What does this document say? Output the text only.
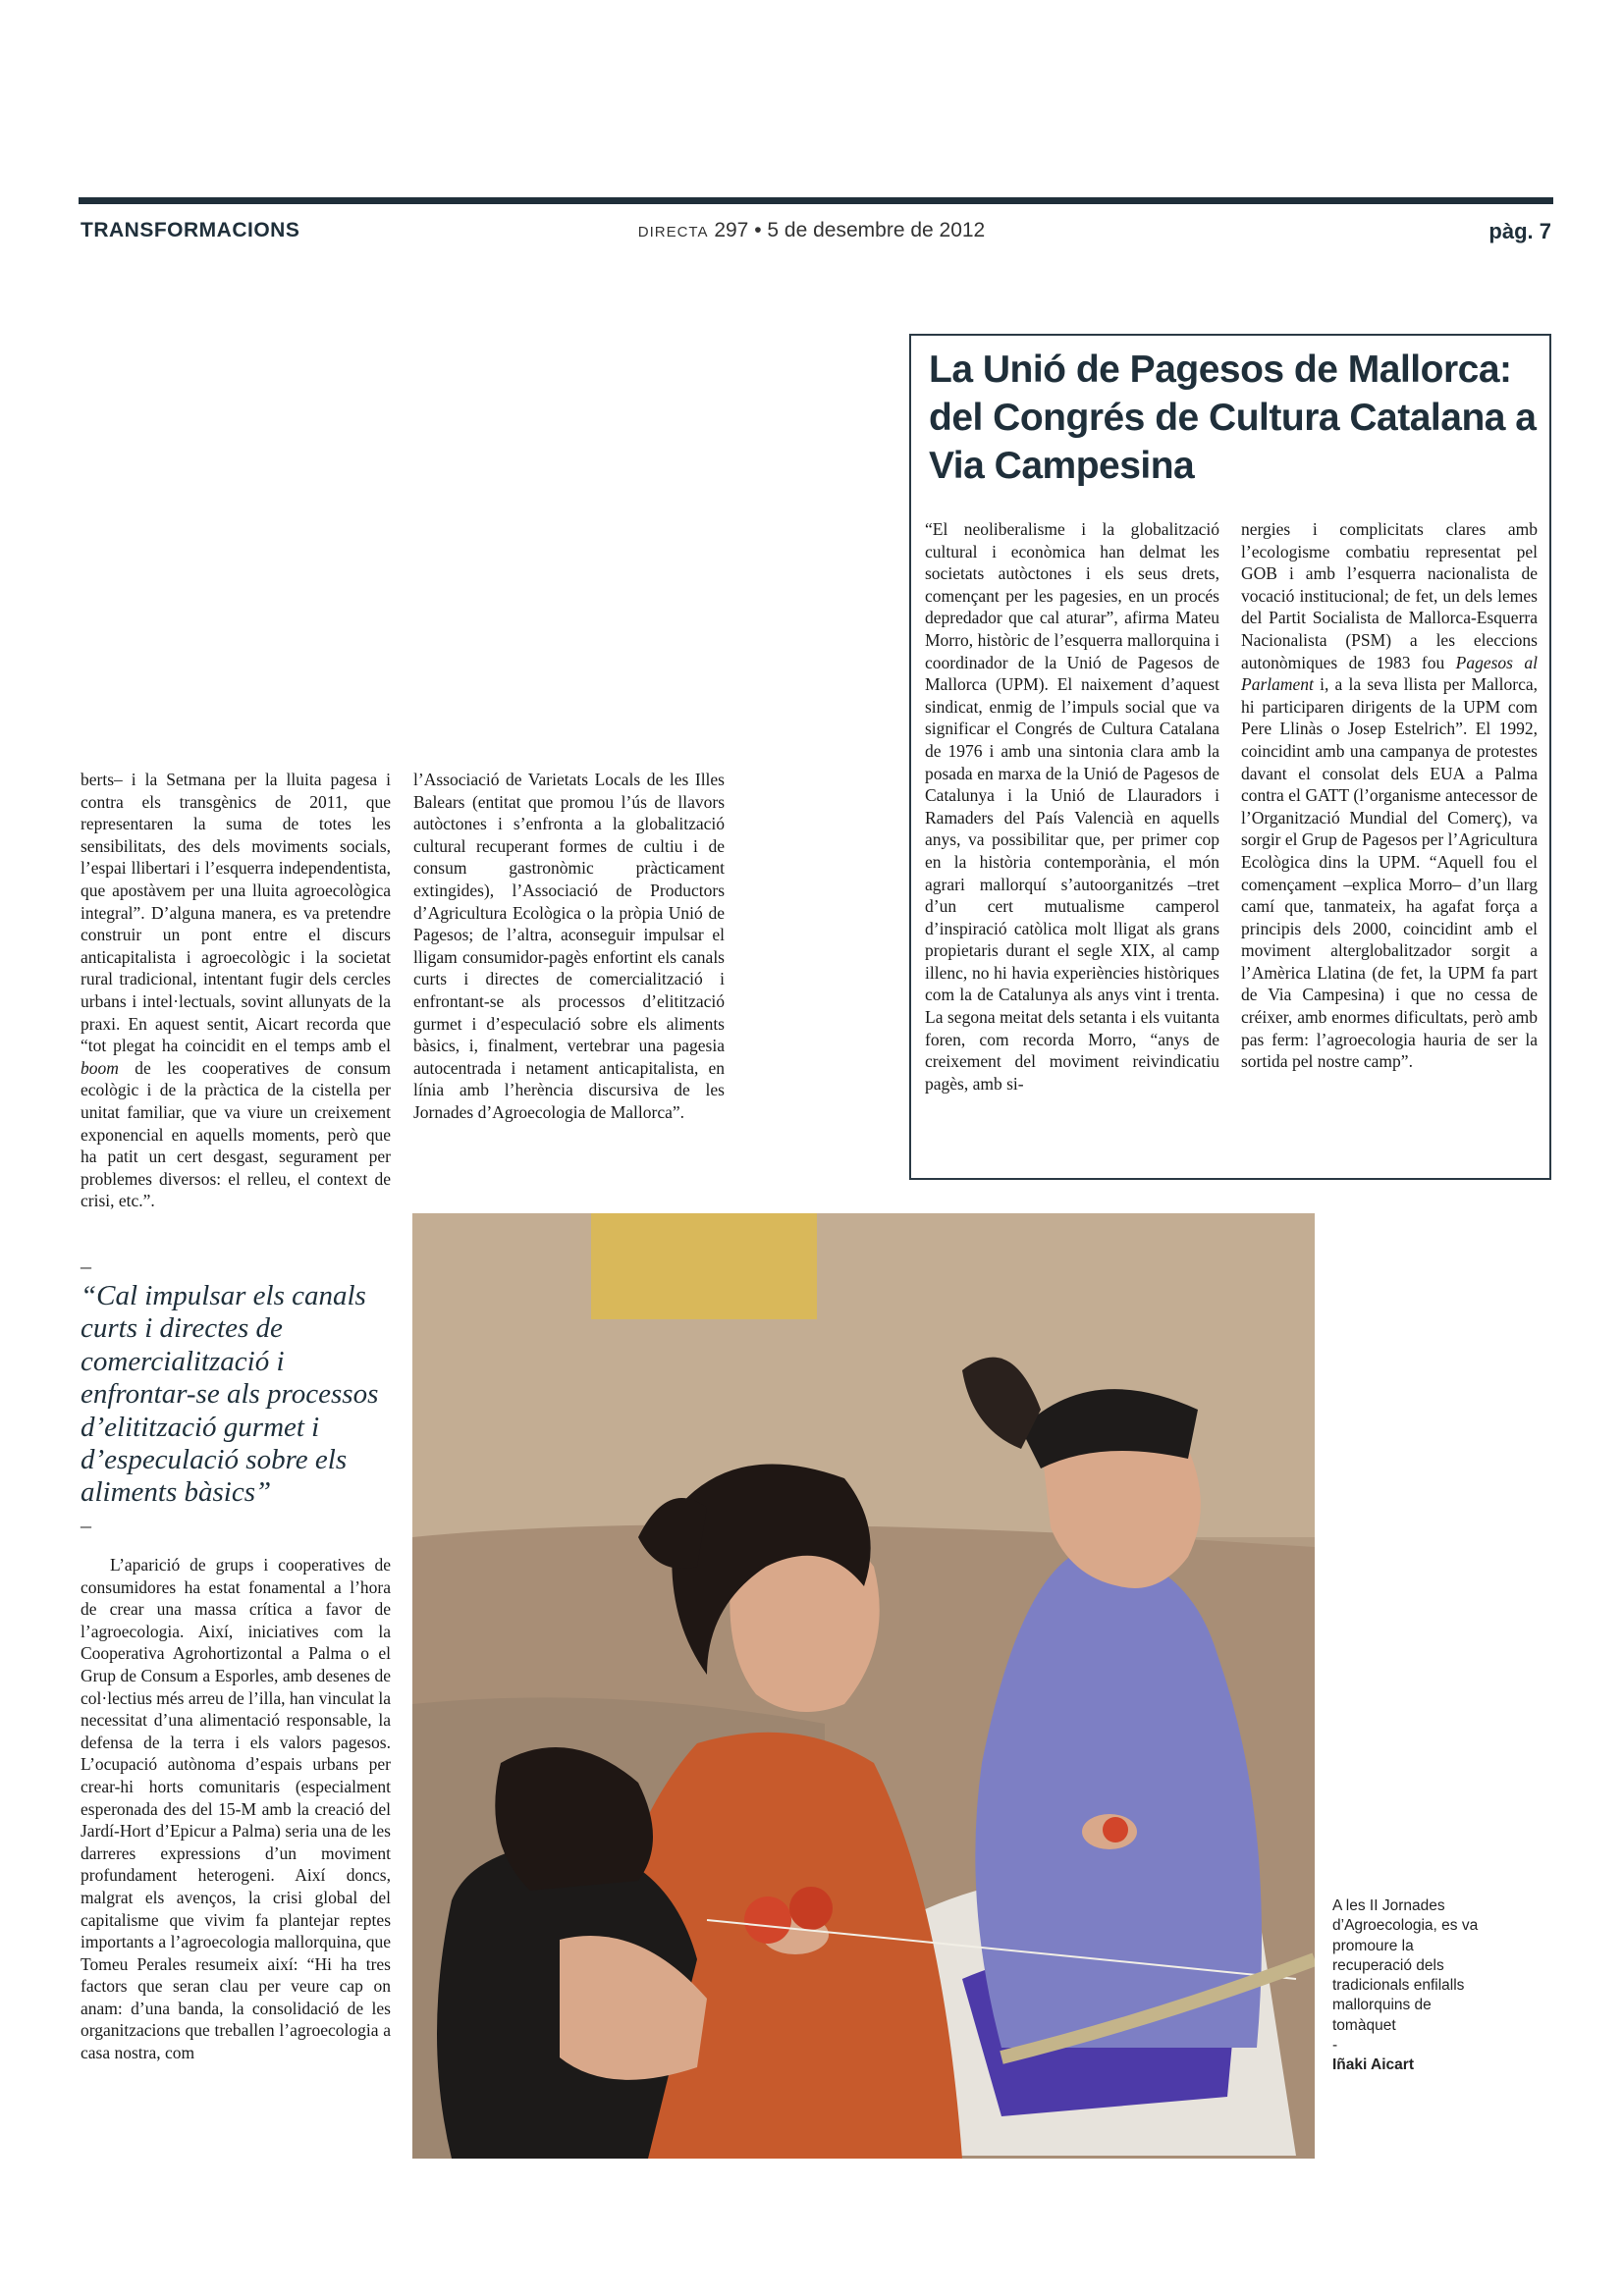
TRANSFORMACIONS	DIRECTA 297 • 5 de desembre de 2012	pàg. 7
La Unió de Pagesos de Mallorca: del Congrés de Cultura Catalana a Via Campesina
“El neoliberalisme i la globalització cultural i econòmica han delmat les societats autòctones i els seus drets, començant per les pagesies, en un procés depredador que cal aturar”, afirma Mateu Morro, històric de l’esquerra mallorquina i coordinador de la Unió de Pagesos de Mallorca (UPM). El naixement d’aquest sindicat, enmig de l’impuls social que va significar el Congrés de Cultura Catalana de 1976 i amb una sintonia clara amb la posada en marxa de la Unió de Pagesos de Catalunya i la Unió de Llauradors i Ramaders del País Valencià en aquells anys, va possibilitar que, per primer cop en la història contemporània, el món agrari mallorquí s’autoorganitzés –tret d’un cert mutualisme camperol d’inspiració catòlica molt lligat als grans propietaris durant el segle XIX, al camp illenc, no hi havia experiències històriques com la de Catalunya als anys vint i trenta. La segona meitat dels setanta i els vuitanta foren, com recorda Morro, “anys de creixement del moviment reivindicatiu pagès, amb si-
nergies i complicitats clares amb l’ecologisme combatiu representat pel GOB i amb l’esquerra nacionalista de vocació institucional; de fet, un dels lemes del Partit Socialista de Mallorca-Esquerra Nacionalista (PSM) a les eleccions autonòmiques de 1983 fou Pagesos al Parlament i, a la seva llista per Mallorca, hi participaren dirigents de la UPM com Pere Llinàs o Josep Estelrich”. El 1992, coincidint amb una campanya de protestes davant el consolat dels EUA a Palma contra el GATT (l’organisme antecessor de l’Organització Mundial del Comerç), va sorgir el Grup de Pagesos per l’Agricultura Ecològica dins la UPM. “Aquell fou el començament –explica Morro– d’un llarg camí que, tanmateix, ha agafat força a principis dels 2000, coincidint amb el moviment alterglobalitzador sorgit a l’Amèrica Llatina (de fet, la UPM fa part de Via Campesina) i que no cessa de créixer, amb enormes dificultats, però amb pas ferm: l’agroecologia hauria de ser la sortida pel nostre camp”.
berts– i la Setmana per la lluita pagesa i contra els transgènics de 2011, que representaren la suma de totes les sensibilitats, des dels moviments socials, l’espai llibertari i l’esquerra independentista, que apostàvem per una lluita agroecològica integral”. D’alguna manera, es va pretendre construir un pont entre el discurs anticapitalista i agroecològic i la societat rural tradicional, intentant fugir dels cercles urbans i intel·lectuals, sovint allunyats de la praxi. En aquest sentit, Aicart recorda que “tot plegat ha coincidit en el temps amb el boom de les cooperatives de consum ecològic i de la pràctica de la cistella per unitat familiar, que va viure un creixement exponencial en aquells moments, però que ha patit un cert desgast, segurament per problemes diversos: el relleu, el context de crisi, etc.”.
l’Associació de Varietats Locals de les Illes Balears (entitat que promou l’ús de llavors autòctones i s’enfronta a la globalització cultural recuperant formes de cultiu i de consum gastronòmic pràcticament extingides), l’Associació de Productors d’Agricultura Ecològica o la pròpia Unió de Pagesos; de l’altra, aconseguir impulsar el lligam consumidor-pagès enfortint els canals curts i directes de comercialització i enfrontant-se als processos d’elitització gurmet i d’especulació sobre els aliments bàsics, i, finalment, vertebrar una pagesia autocentrada i netament anticapitalista, en línia amb l’herència discursiva de les Jornades d’Agroecologia de Mallorca”.
–
“Cal impulsar els canals curts i directes de comercialització i enfrontar-se als processos d’elitització gurmet i d’especulació sobre els aliments bàsics”
–

L’aparició de grups i cooperatives de consumidores ha estat fonamental a l’hora de crear una massa crítica a favor de l’agroecologia. Així, iniciatives com la Cooperativa Agrohortizontal a Palma o el Grup de Consum a Esporles, amb desenes de col·lectius més arreu de l’illa, han vinculat la necessitat d’una alimentació responsable, la defensa de la terra i els valors pagesos. L’ocupació autònoma d’espais urbans per crear-hi horts comunitaris (especialment esperonada des del 15-M amb la creació del Jardí-Hort d’Epicur a Palma) seria una de les darreres expressions d’un moviment profundament heterogeni. Així doncs, malgrat els avenços, la crisi global del capitalisme que vivim fa plantejar reptes importants a l’agroecologia mallorquina, que Tomeu Perales resumeix així: “Hi ha tres factors que seran clau per veure cap on anam: d’una banda, la consolidació de les organitzacions que treballen l’agroecologia a casa nostra, com

A les II Jornades d’Agroecologia, es va promoure la recuperació dels tradicionals enfilalls mallorquins de tomàquet
-
Iñaki Aicart
